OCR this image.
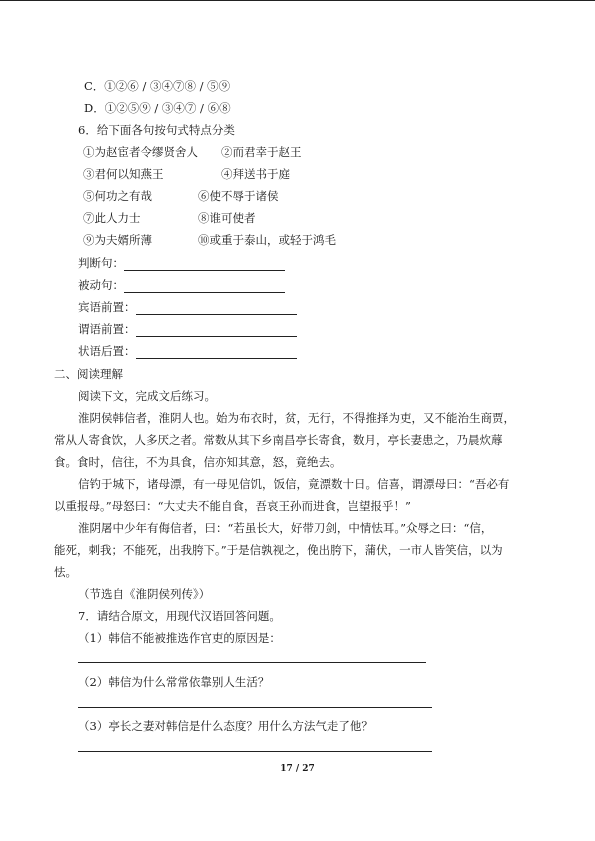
C．①②⑥ / ③④⑦⑧ / ⑤⑨
D．①②⑤⑨ / ③④⑦ / ⑥⑧
6．给下面各句按句式特点分类
①为赵宦者令缪贤舍人 ②而君幸于赵王
③君何以知燕王	④拜送书于庭
⑤何功之有哉	⑥使不辱于诸侯
⑦此人力士	⑧谁可使者
⑨为夫婿所薄	⑩或重于泰山，或轻于鸿毛
判断句：
被动句：
宾语前置：
谓语前置：
状语后置：
二、阅读理解
阅读下文，完成文后练习。
淮阴侯韩信者，淮阴人也。始为布衣时，贫，无行，不得推择为吏，又不能治生商贾，
常从人寄食饮，人多厌之者。常数从其下乡南昌亭长寄食，数月，亭长妻患之，乃晨炊蓐
食。食时，信往，不为具食，信亦知其意，怒，竟绝去。
信钓于城下，诸母漂，有一母见信饥，饭信，竟漂数十日。信喜，谓漂母曰：“吾必有
以重报母。”母怒曰：“大丈夫不能自食，吾哀王孙而进食，岂望报乎！”
淮阴屠中少年有侮信者，曰：“若虽长大，好带刀剑，中情怯耳。”众辱之曰：“信，
能死，刺我；不能死，出我胯下。”于是信孰视之，俛出胯下，蒲伏，一市人皆笑信，以为
怯。
（节选自《淮阴侯列传》）
7．请结合原文，用现代汉语回答问题。
（1）韩信不能被推选作官吏的原因是：
（2）韩信为什么常常依靠别人生活？
（3）亭长之妻对韩信是什么态度？用什么方法气走了他？
17 / 27
